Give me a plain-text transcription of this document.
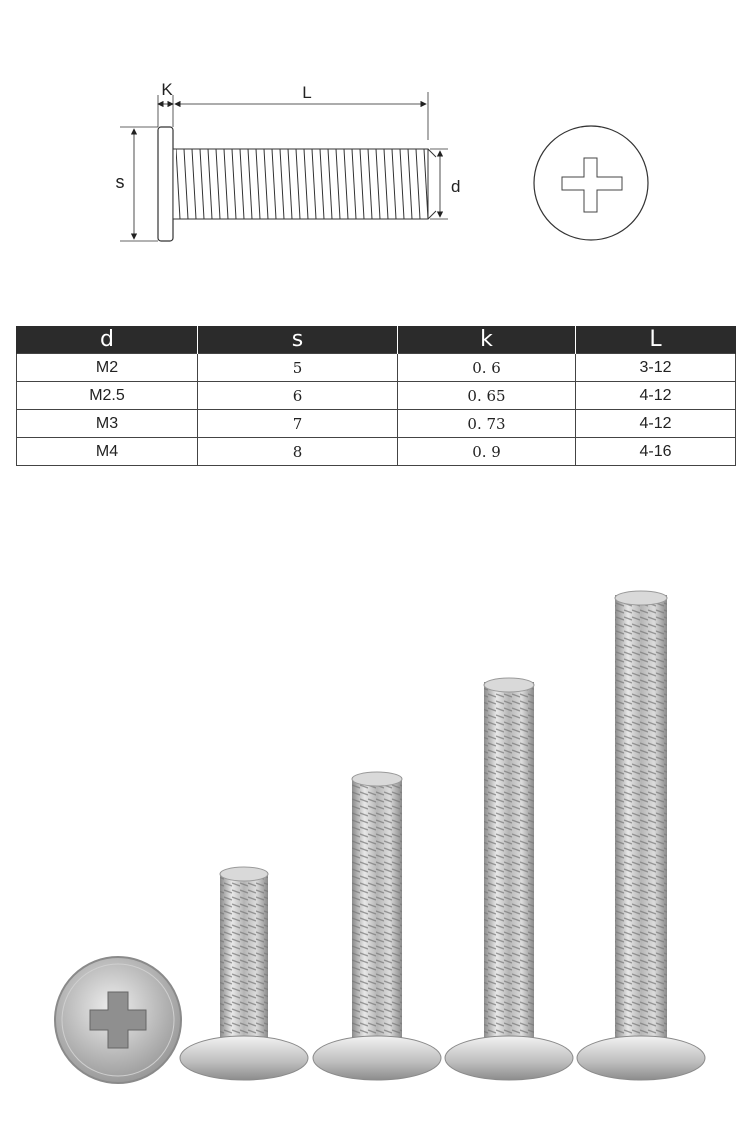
K	L
s	d
d	s	k	L
M2	5	0. 6	3-12
M2.5	6	0. 65	4-12
M3	7	0. 73	4-12
M4	8	0. 9	4-16
